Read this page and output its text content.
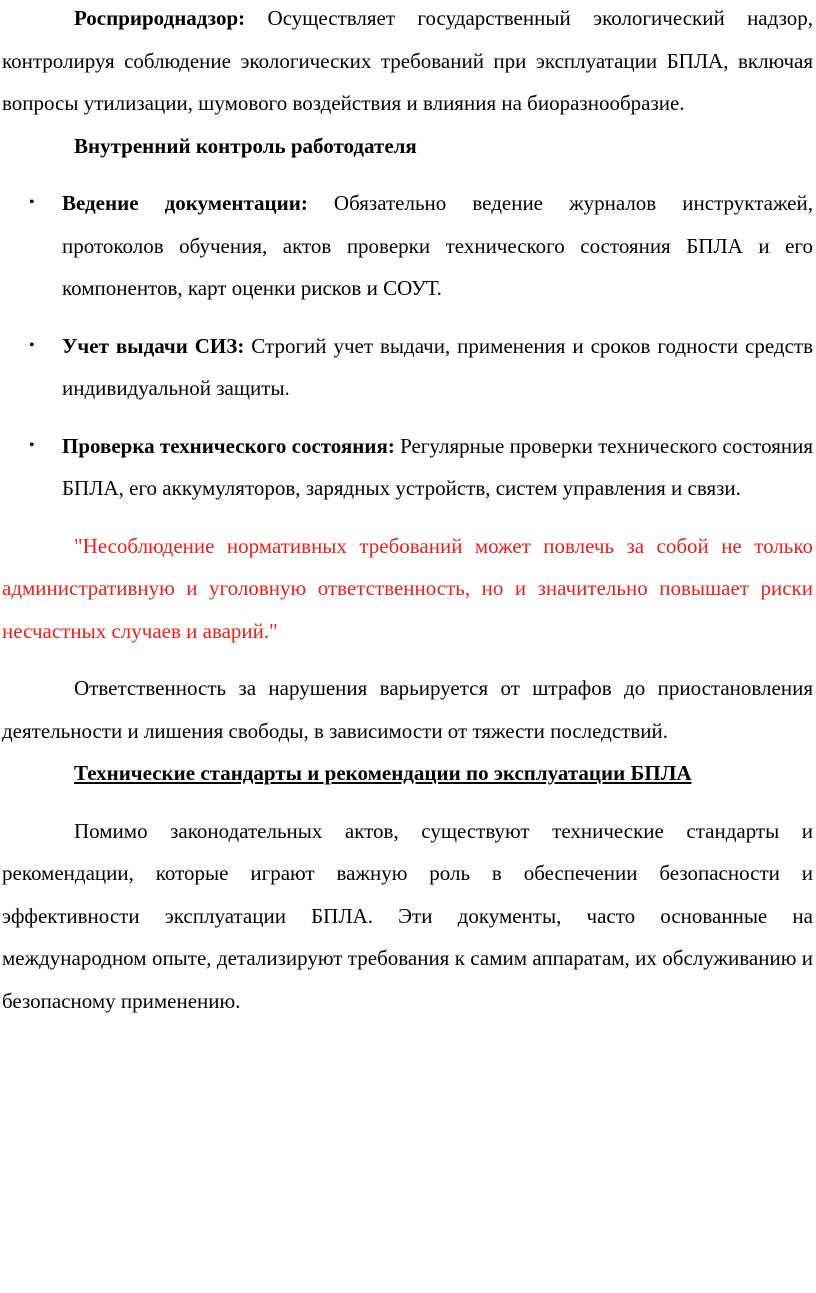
Росприроднадзор: Осуществляет государственный экологический надзор, контролируя соблюдение экологических требований при эксплуатации БПЛА, включая вопросы утилизации, шумового воздействия и влияния на биоразнообразие.

Внутренний контроль работодателя

• Ведение документации: Обязательно ведение журналов инструктажей, протоколов обучения, актов проверки технического состояния БПЛА и его компонентов, карт оценки рисков и СОУТ.
• Учет выдачи СИЗ: Строгий учет выдачи, применения и сроков годности средств индивидуальной защиты.
• Проверка технического состояния: Регулярные проверки технического состояния БПЛА, его аккумуляторов, зарядных устройств, систем управления и связи.

"Несоблюдение нормативных требований может повлечь за собой не только административную и уголовную ответственность, но и значительно повышает риски несчастных случаев и аварий."

Ответственность за нарушения варьируется от штрафов до приостановления деятельности и лишения свободы, в зависимости от тяжести последствий.

Технические стандарты и рекомендации по эксплуатации БПЛА

Помимо законодательных актов, существуют технические стандарты и рекомендации, которые играют важную роль в обеспечении безопасности и эффективности эксплуатации БПЛА. Эти документы, часто основанные на международном опыте, детализируют требования к самим аппаратам, их обслуживанию и безопасному применению.
